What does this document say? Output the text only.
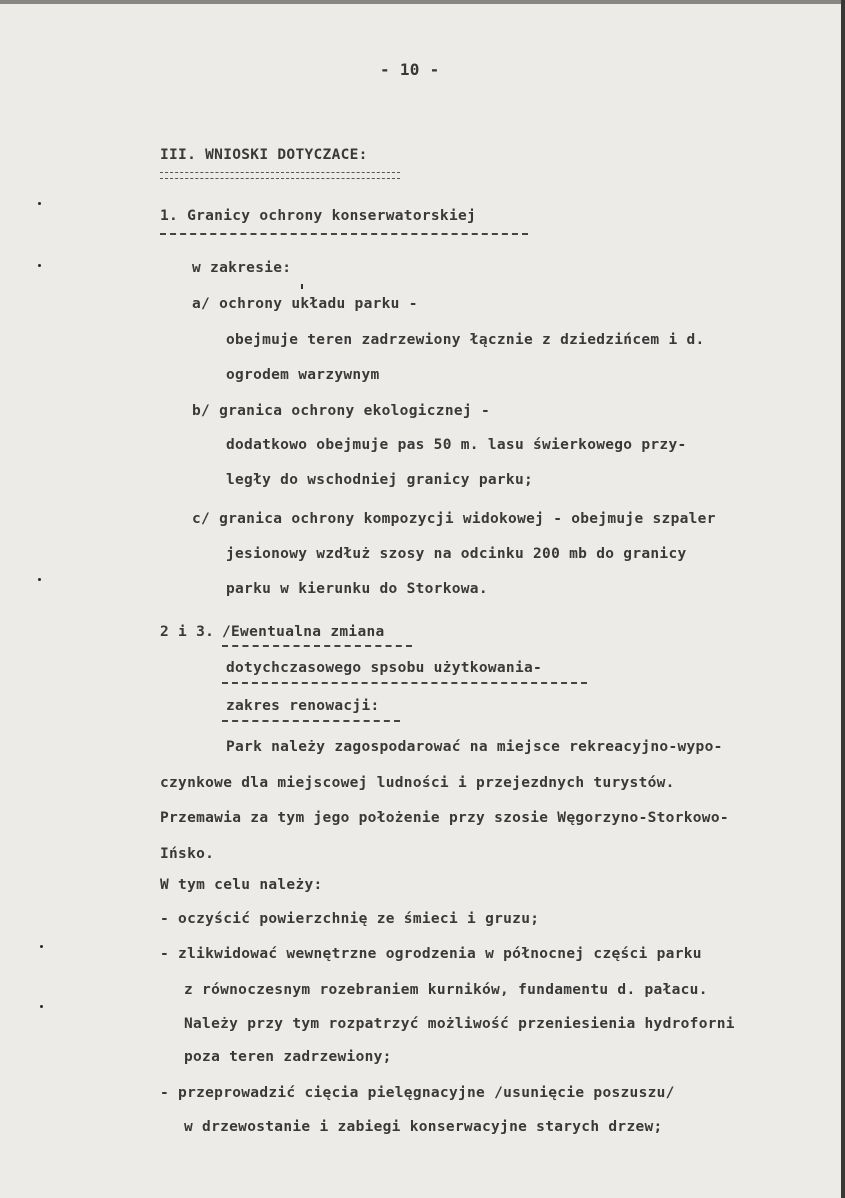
- 10 -
III. WNIOSKI DOTYCZACE:
1. Granicy ochrony konserwatorskiej
w zakresie:
a/ ochrony układu parku -
obejmuje teren zadrzewiony łącznie z dziedzińcem i d.
ogrodem warzywnym
b/ granica ochrony ekologicznej -
dodatkowo obejmuje pas 50 m. lasu świerkowego przy-
legły do wschodniej granicy parku;
c/ granica ochrony kompozycji widokowej - obejmuje szpaler
jesionowy wzdłuż szosy na odcinku 200 mb do granicy
parku w kierunku do Storkowa.
2 i 3. /Ewentualna zmiana
dotychczasowego spsobu użytkowania-
zakres renowacji:
Park należy zagospodarować na miejsce rekreacyjno-wypo-
czynkowe dla miejscowej ludności i przejezdnych turystów.
Przemawia za tym jego położenie przy szosie Węgorzyno-Storkowo-
Ińsko.
W tym celu należy:
- oczyścić powierzchnię ze śmieci i gruzu;
- zlikwidować wewnętrzne ogrodzenia w północnej części parku
z równoczesnym rozebraniem kurników, fundamentu d. pałacu.
Należy przy tym rozpatrzyć możliwość przeniesienia hydroforni
poza teren zadrzewiony;
- przeprowadzić cięcia pielęgnacyjne /usunięcie poszuszu/
w drzewostanie i zabiegi konserwacyjne starych drzew;
